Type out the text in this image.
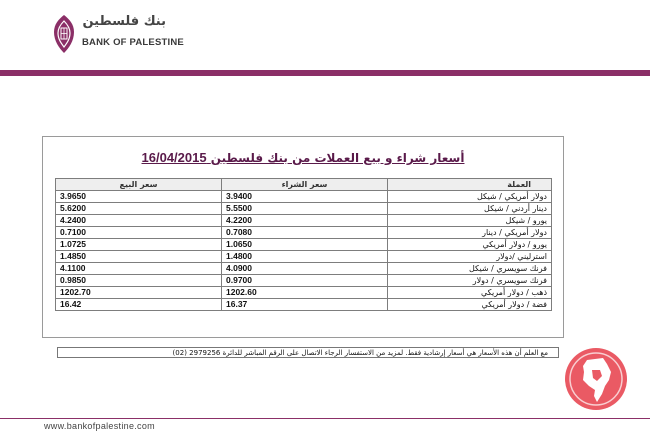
بنك فلسطين
BANK OF PALESTINE
أسعار شراء و بيع العملات من بنك فلسطين 16/04/2015
العملة	سعر الشراء	سعر البيع
دولار أمريكي / شيكل	3.9400	3.9650
دينار أردني / شيكل	5.5500	5.6200
يورو / شيكل	4.2200	4.2400
دولار أمريكي / دينار	0.7080	0.7100
يورو / دولار أمريكي	1.0650	1.0725
استرليني /دولار	1.4800	1.4850
فرنك سويسري / شيكل	4.0900	4.1100
فرنك سويسري / دولار	0.9700	0.9850
ذهب / دولار أمريكي	1202.60	1202.70
فضة / دولار أمريكي	16.37	16.42
مع العلم أن هذه الأسعار هي أسعار إرشادية فقط. لمزيد من الاستفسار الرجاء الاتصال على الرقم المباشر للدائرة 2979256 (02)
www.bankofpalestine.com
